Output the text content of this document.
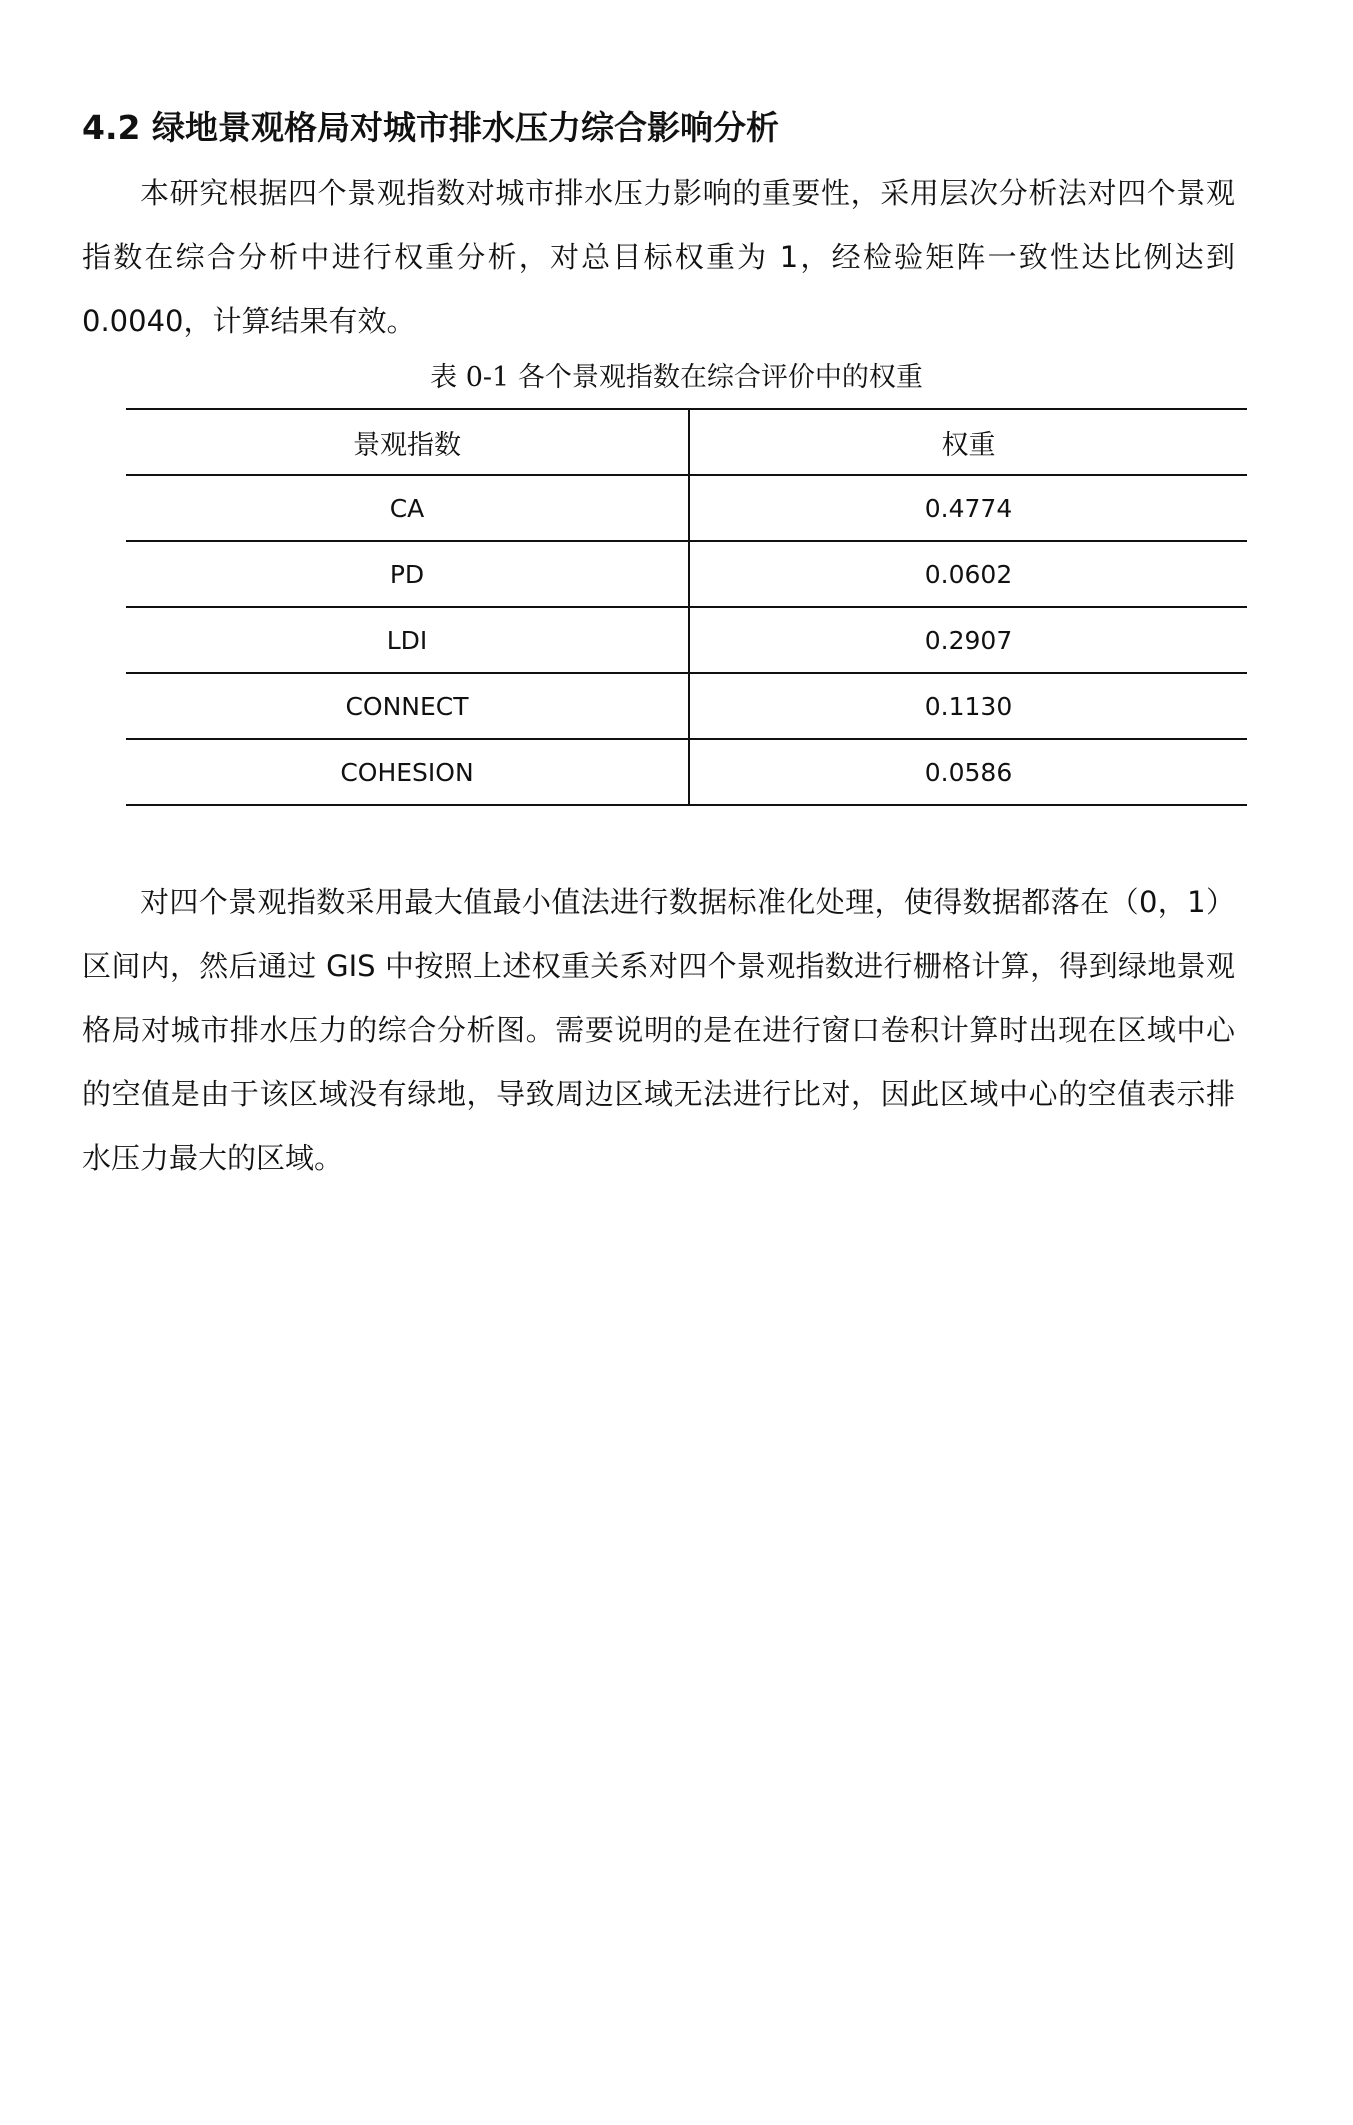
4.2 绿地景观格局对城市排水压力综合影响分析

本研究根据四个景观指数对城市排水压力影响的重要性，采用层次分析法对四个景观指数在综合分析中进行权重分析，对总目标权重为 1，经检验矩阵一致性达比例达到 0.0040，计算结果有效。

表 0-1 各个景观指数在综合评价中的权重
景观指数	权重
CA	0.4774
PD	0.0602
LDI	0.2907
CONNECT	0.1130
COHESION	0.0586

对四个景观指数采用最大值最小值法进行数据标准化处理，使得数据都落在（0，1）区间内，然后通过 GIS 中按照上述权重关系对四个景观指数进行栅格计算，得到绿地景观格局对城市排水压力的综合分析图。需要说明的是在进行窗口卷积计算时出现在区域中心的空值是由于该区域没有绿地，导致周边区域无法进行比对，因此区域中心的空值表示排水压力最大的区域。
